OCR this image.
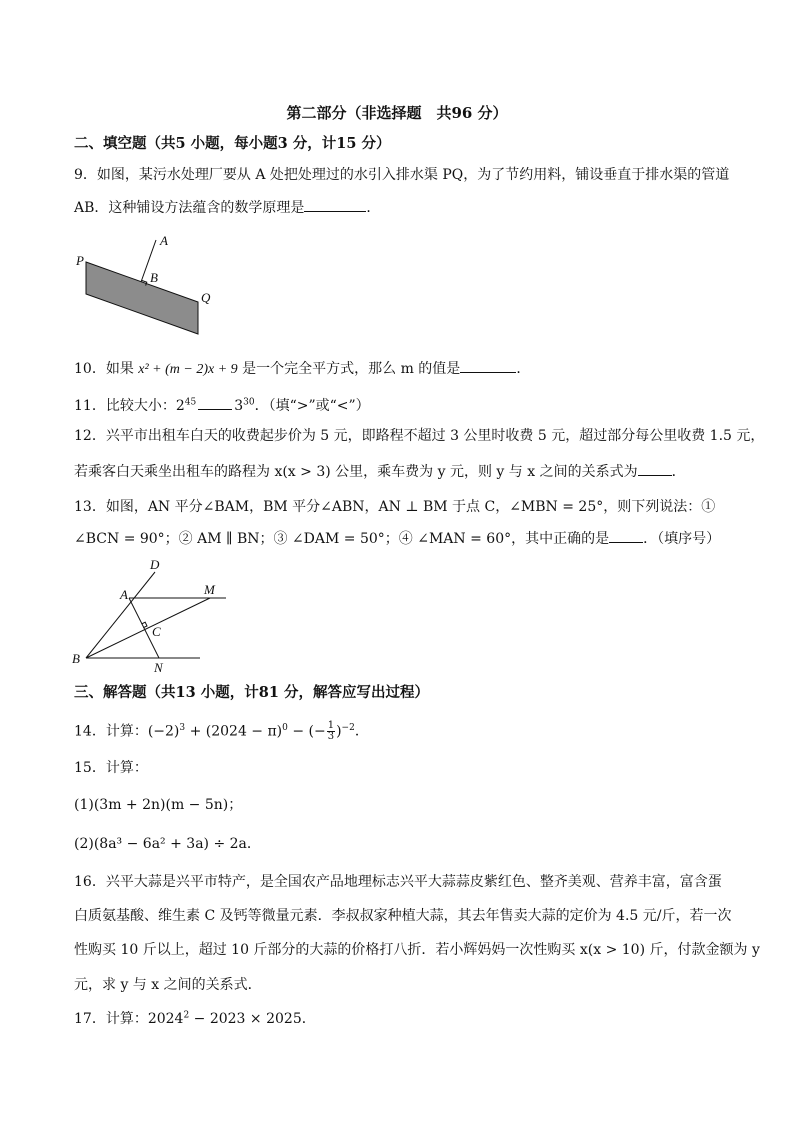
第二部分（非选择题　共96 分）
二、填空题（共5 小题，每小题3 分，计15 分）
9．如图，某污水处理厂要从 A 处把处理过的水引入排水渠 PQ，为了节约用料，铺设垂直于排水渠的管道
AB．这种铺设方法蕴含的数学原理是	．
A
B
P
Q
10．如果 x² + (m − 2)x + 9 是一个完全平方式，那么 m 的值是	．
11．比较大小：$2^{45}$	$3^{30}$．（填“>”或“<”）
12．兴平市出租车白天的收费起步价为 5 元，即路程不超过 3 公里时收费 5 元，超过部分每公里收费 1.5 元，
若乘客白天乘坐出租车的路程为 x(x > 3) 公里，乘车费为 y 元，则 y 与 x 之间的关系式为 ．
13．如图，AN 平分∠BAM，BM 平分∠ABN，AN ⊥ BM 于点 C，∠MBN = 25°，则下列说法：①
∠BCN = 90°；② AM ∥ BN；③ ∠DAM = 50°；④ ∠MAN = 60°，其中正确的是 ．（填序号）
D
A	M
C
B
N
三、解答题（共13 小题，计81 分，解答应写出过程）
14．计算：$(-2)^3 + (2024 - \pi)^0$ − (− $\frac{1}{3} )^{-2}$．
15．计算：
(1)(3m + 2n)(m − 5n)；
(2)(8a³ − 6a² + 3a) ÷ 2a．
16．兴平大蒜是兴平市特产，是全国农产品地理标志兴平大蒜蒜皮紫红色、整齐美观、营养丰富，富含蛋
白质氨基酸、维生素 C 及钙等微量元素．李叔叔家种植大蒜，其去年售卖大蒜的定价为 4.5 元/斤，若一次
性购买 10 斤以上，超过 10 斤部分的大蒜的价格打八折．若小辉妈妈一次性购买 x(x > 10) 斤，付款金额为 y
元，求 y 与 x 之间的关系式．
17．计算：$2024^2 - 2023 \times 2025$．
